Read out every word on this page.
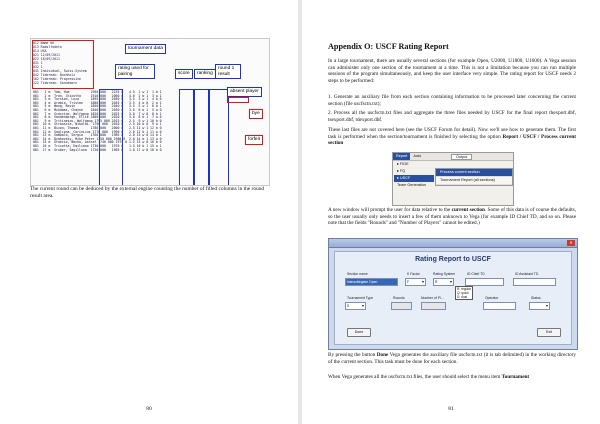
012 Name UK
013 Rodolfodeto
014 USA
021 12/09/2011
022 18/09/2011
031 1
032 1
041 Individual, Swiss-System
042 Tiebreak: Buchholz
102 Tiebreak: Progressive
122 Tiebreak: Sonneborn
001   1 m  Yam, Hua           1950 000   2235 0   4.5  1 w 1  1 b 1
001   2 m  Tran, Chicotta     1910 000   2060 0   4.0  2 b 1  3 w 1
001   3 m  Tursson, Luca      1895 000   2050 0   3.5  3 w 1  4 b 0
001   4 m  Arabio, Tristan    1880 000   2045 0   3.5  4 b 0  2 w 1
001   5 m  Wong, Kevin        1850 000   2040 0   3.5  5 w 1  6 b 1
001   6 m  McAdams, Chayne    1840 000   2030 0   3.0  6 b 1  5 w 0
001   7 m  Scaccino, Wolfgang 1820 000   2025 0   3.0  7 w 0  8 b 1
001   8 m  Vandenborgh, Ellie 1800 000   2020 0   3.0  8 b 1  7 w 0
001   9 m  Tritinescu, Wolfgang 1795 000 2015 0   2.5  9 w 1 10 b 0
001  10 m  Strauscia, Nikolai  1790 000  2010 0   2.5 10 b 0  9 w 1
001  11 m  Bixon, Thomas      1780 000   2000 0   2.5 11 w 1 12 b 0
001  12 m  Sagliona, Corinicus 1770 000  1990 0   2.0 12 b 1 11 w 0
001  13 m  Sambalo, Sergio    1760 000   1985 0   2.0 13 w 0 14 b 1
001  14 m  Dyakovsky, Mike Peter 1750 000 1980 0  2.0 14 b 1 13 w 0
001  15 m  Graecio, Nacho, Ashraf 1740 000 1975 0 1.5 15 w 0 16 b 0
001  16 m  Tricotta, Emiliano 1730 000   1970 0   1.5 16 b 1 15 w 1
001  17 m  Gruber, Sagillona  1720 000   1965 0   1.0 17 w 0 18 b 0
tournament data
rating used for pairing	score	ranking
round 1 result
absent player
bye
forfeit
The current round can be deduced by the external engine counting the number of filled columns in the round result area.
80
Appendix O: USCF Rating Report
In a large tournament, there are usually several sections (for example Open, U2000, U1800, U1600). A Vega session can administer only one section of the tournament at a time. This is not a limitation because you can run multiple sessions of the program simultaneously, and keep the user interface very simple. The rating report for USCF needs 2 steps to be performed:
1. Generate an auxiliary file from each section containing information to be processed later concerning the current section (file uscfsctn.txt);
2. Process all the uscfsctn.txt files and aggregate the three files needed by USCF for the final report thexport.dbf, tsexport.dbf, tdexport.dbf.
These last files are not covered here (see the USCF Forum for detail). Now we'll see how to generate them. The first task is performed when the section/tournament is finished by selecting the option Report / USCF / Process current section
Report	Auto
▸ FIDE
▸ FQ
▸ USCF
Team Generation
Output
Process current section
Tournament Report (all sections)
A new window will prompt the user for data relative to the current section. Some of this data is of course the defaults, so the user usually only needs to insert a few of them unknown to Vega (for example ID Chief TD, and so on. Please note that the fields "Rounds" and "Number of Players" cannot be edited.)
✕
Rating Report to USCF
Section name	K Factor	Rating System	ID Chief TD	ID Assistant TD
Intercollegiate Open	F ▾	R ▾
R: regular
Q: quick
D: dual
Tournament Type	Rounds	Number of Pl...	Operator	Status
S ▾
▾
Done	Exit
By pressing the button Done Vega generates the auxiliary file uscfsctn.txt (it is tab delimited) in the working directory of the current section. This task must be done for each section.
When Vega generates all the uscfsctn.txt files, the user should select the menu item Tournament
81
